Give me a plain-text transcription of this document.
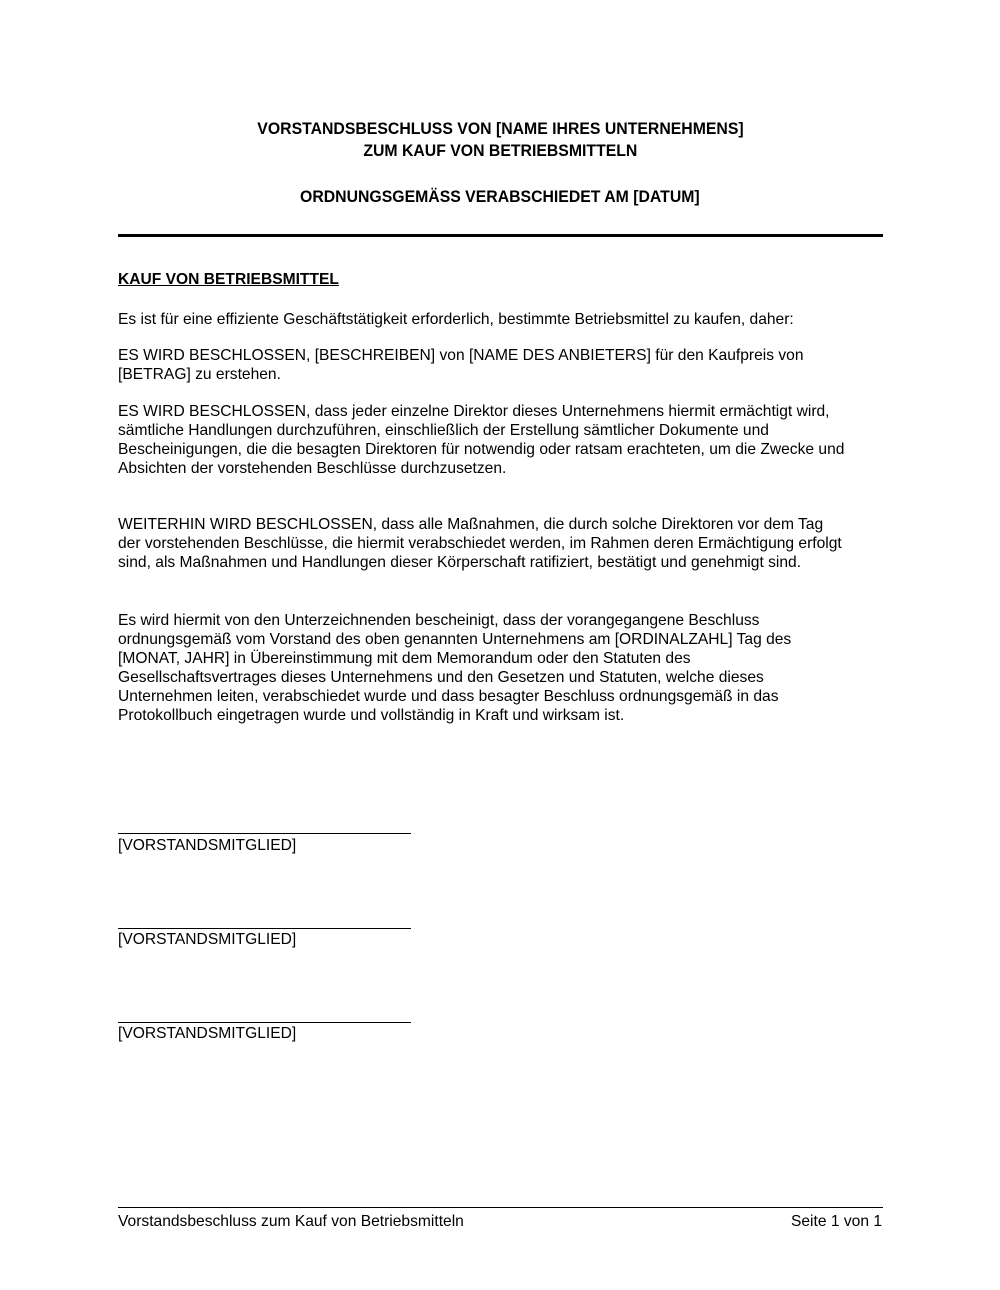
VORSTANDSBESCHLUSS VON [NAME IHRES UNTERNEHMENS]
ZUM KAUF VON BETRIEBSMITTELN
ORDNUNGSGEMÄSS VERABSCHIEDET AM [DATUM]
KAUF VON BETRIEBSMITTEL
Es ist für eine effiziente Geschäftstätigkeit erforderlich, bestimmte Betriebsmittel zu kaufen, daher:
ES WIRD BESCHLOSSEN, [BESCHREIBEN] von [NAME DES ANBIETERS] für den Kaufpreis von
[BETRAG] zu erstehen.
ES WIRD BESCHLOSSEN, dass jeder einzelne Direktor dieses Unternehmens hiermit ermächtigt wird,
sämtliche Handlungen durchzuführen, einschließlich der Erstellung sämtlicher Dokumente und
Bescheinigungen, die die besagten Direktoren für notwendig oder ratsam erachteten, um die Zwecke und
Absichten der vorstehenden Beschlüsse durchzusetzen.
WEITERHIN WIRD BESCHLOSSEN, dass alle Maßnahmen, die durch solche Direktoren vor dem Tag
der vorstehenden Beschlüsse, die hiermit verabschiedet werden, im Rahmen deren Ermächtigung erfolgt
sind, als Maßnahmen und Handlungen dieser Körperschaft ratifiziert, bestätigt und genehmigt sind.
Es wird hiermit von den Unterzeichnenden bescheinigt, dass der vorangegangene Beschluss
ordnungsgemäß vom Vorstand des oben genannten Unternehmens am [ORDINALZAHL] Tag des
[MONAT, JAHR] in Übereinstimmung mit dem Memorandum oder den Statuten des
Gesellschaftsvertrages dieses Unternehmens und den Gesetzen und Statuten, welche dieses
Unternehmen leiten, verabschiedet wurde und dass besagter Beschluss ordnungsgemäß in das
Protokollbuch eingetragen wurde und vollständig in Kraft und wirksam ist.
[VORSTANDSMITGLIED]
[VORSTANDSMITGLIED]
[VORSTANDSMITGLIED]
Vorstandsbeschluss zum Kauf von Betriebsmitteln	Seite 1 von 1
